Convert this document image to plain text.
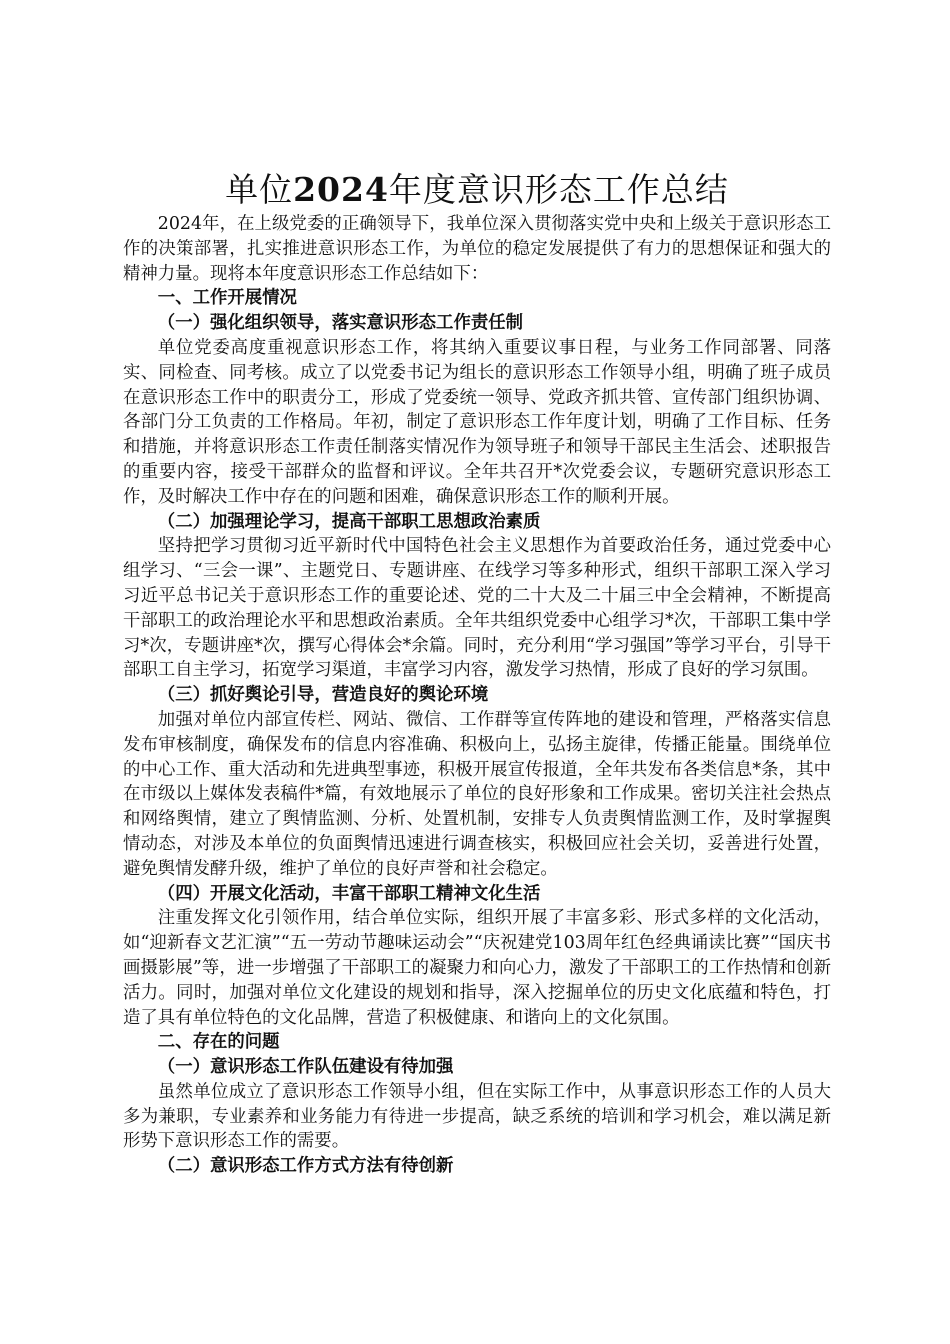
单位2024年度意识形态工作总结

2024年，在上级党委的正确领导下，我单位深入贯彻落实党中央和上级关于意识形态工作的决策部署，扎实推进意识形态工作，为单位的稳定发展提供了有力的思想保证和强大的精神力量。现将本年度意识形态工作总结如下：

一、工作开展情况

（一）强化组织领导，落实意识形态工作责任制

单位党委高度重视意识形态工作，将其纳入重要议事日程，与业务工作同部署、同落实、同检查、同考核。成立了以党委书记为组长的意识形态工作领导小组，明确了班子成员在意识形态工作中的职责分工，形成了党委统一领导、党政齐抓共管、宣传部门组织协调、各部门分工负责的工作格局。年初，制定了意识形态工作年度计划，明确了工作目标、任务和措施，并将意识形态工作责任制落实情况作为领导班子和领导干部民主生活会、述职报告的重要内容，接受干部群众的监督和评议。全年共召开*次党委会议，专题研究意识形态工作，及时解决工作中存在的问题和困难，确保意识形态工作的顺利开展。

（二）加强理论学习，提高干部职工思想政治素质

坚持把学习贯彻习近平新时代中国特色社会主义思想作为首要政治任务，通过党委中心组学习、“三会一课”、主题党日、专题讲座、在线学习等多种形式，组织干部职工深入学习习近平总书记关于意识形态工作的重要论述、党的二十大及二十届三中全会精神，不断提高干部职工的政治理论水平和思想政治素质。全年共组织党委中心组学习*次，干部职工集中学习*次，专题讲座*次，撰写心得体会*余篇。同时，充分利用“学习强国”等学习平台，引导干部职工自主学习，拓宽学习渠道，丰富学习内容，激发学习热情，形成了良好的学习氛围。

（三）抓好舆论引导，营造良好的舆论环境

加强对单位内部宣传栏、网站、微信、工作群等宣传阵地的建设和管理，严格落实信息发布审核制度，确保发布的信息内容准确、积极向上，弘扬主旋律，传播正能量。围绕单位的中心工作、重大活动和先进典型事迹，积极开展宣传报道，全年共发布各类信息*条，其中在市级以上媒体发表稿件*篇，有效地展示了单位的良好形象和工作成果。密切关注社会热点和网络舆情，建立了舆情监测、分析、处置机制，安排专人负责舆情监测工作，及时掌握舆情动态，对涉及本单位的负面舆情迅速进行调查核实，积极回应社会关切，妥善进行处置，避免舆情发酵升级，维护了单位的良好声誉和社会稳定。

（四）开展文化活动，丰富干部职工精神文化生活

注重发挥文化引领作用，结合单位实际，组织开展了丰富多彩、形式多样的文化活动，如“迎新春文艺汇演”“五一劳动节趣味运动会”“庆祝建党103周年红色经典诵读比赛”“国庆书画摄影展”等，进一步增强了干部职工的凝聚力和向心力，激发了干部职工的工作热情和创新活力。同时，加强对单位文化建设的规划和指导，深入挖掘单位的历史文化底蕴和特色，打造了具有单位特色的文化品牌，营造了积极健康、和谐向上的文化氛围。

二、存在的问题

（一）意识形态工作队伍建设有待加强

虽然单位成立了意识形态工作领导小组，但在实际工作中，从事意识形态工作的人员大多为兼职，专业素养和业务能力有待进一步提高，缺乏系统的培训和学习机会，难以满足新形势下意识形态工作的需要。

（二）意识形态工作方式方法有待创新
